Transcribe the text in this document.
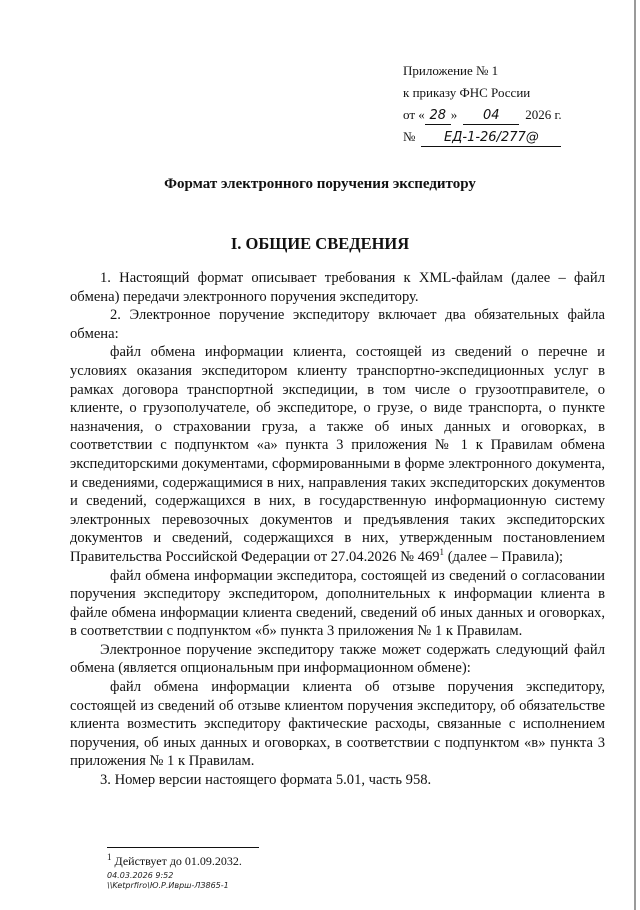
Приложение № 1
к приказу ФНС России
от « 28 » 04 2026 г.
№ ЕД-1-26/277@
Формат электронного поручения экспедитору
I. ОБЩИЕ СВЕДЕНИЯ

1. Настоящий формат описывает требования к XML-файлам (далее – файл обмена) передачи электронного поручения экспедитору.

2. Электронное поручение экспедитору включает два обязательных файла обмена:

файл обмена информации клиента, состоящей из сведений о перечне и условиях оказания экспедитором клиенту транспортно-экспедиционных услуг в рамках договора транспортной экспедиции, в том числе о грузоотправителе, о клиенте, о грузополучателе, об экспедиторе, о грузе, о виде транспорта, о пункте назначения, о страховании груза, а также об иных данных и оговорках, в соответствии с подпунктом «а» пункта 3 приложения № 1 к Правилам обмена экспедиторскими документами, сформированными в форме электронного документа, и сведениями, содержащимися в них, направления таких экспедиторских документов и сведений, содержащихся в них, в государственную информационную систему электронных перевозочных документов и предъявления таких экспедиторских документов и сведений, содержащихся в них, утвержденным постановлением Правительства Российской Федерации от 27.04.2026 № $469^1$ (далее – Правила);

файл обмена информации экспедитора, состоящей из сведений о согласовании поручения экспедитору экспедитором, дополнительных к информации клиента в файле обмена информации клиента сведений, сведений об иных данных и оговорках, в соответствии с подпунктом «б» пункта 3 приложения № 1 к Правилам.

Электронное поручение экспедитору также может содержать следующий файл обмена (является опциональным при информационном обмене):

файл обмена информации клиента об отзыве поручения экспедитору, состоящей из сведений об отзыве клиентом поручения экспедитору, об обязательстве клиента возместить экспедитору фактические расходы, связанные с исполнением поручения, об иных данных и оговорках, в соответствии с подпунктом «в» пункта 3 приложения № 1 к Правилам.

3. Номер версии настоящего формата 5.01, часть 958.

$^1$ Действует до 01.09.2032.
04.03.2026 9:52
\\Ketprfiro\Ю.Р.Иврш-ЛЗ865-1
